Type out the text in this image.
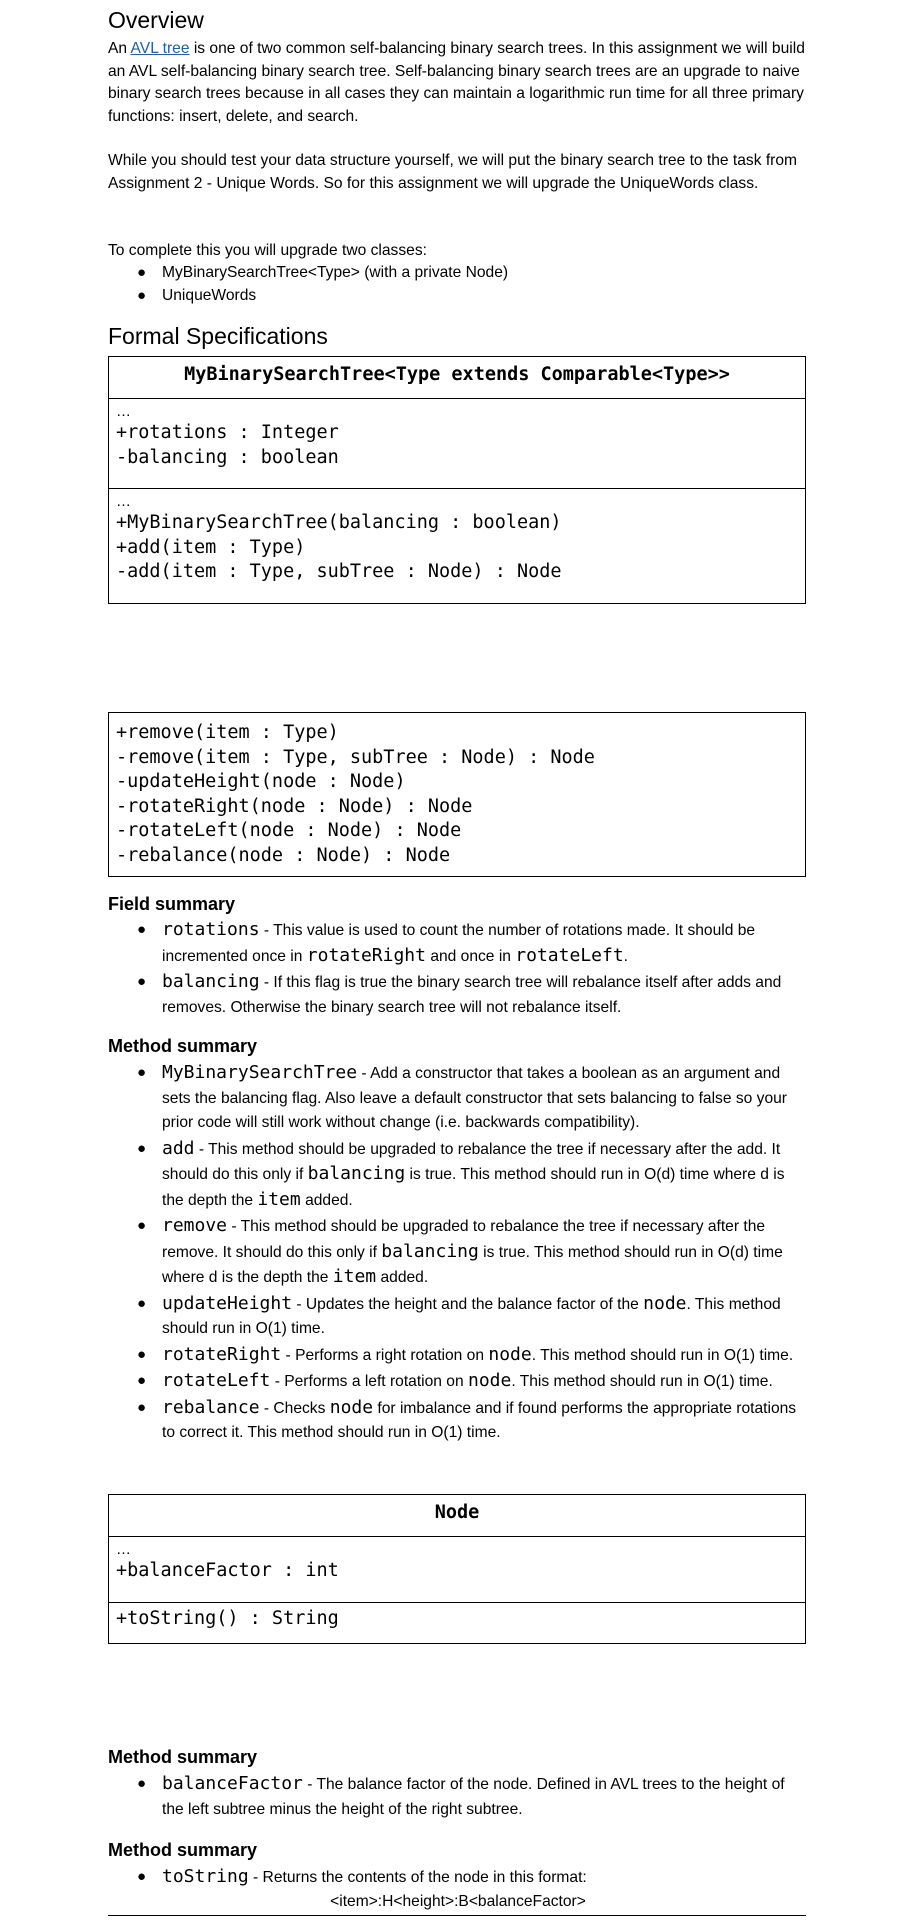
Overview

An AVL tree is one of two common self-balancing binary search trees. In this assignment we will build an AVL self-balancing binary search tree. Self-balancing binary search trees are an upgrade to naive binary search trees because in all cases they can maintain a logarithmic run time for all three primary functions: insert, delete, and search.

While you should test your data structure yourself, we will put the binary search tree to the task from Assignment 2 - Unique Words. So for this assignment we will upgrade the UniqueWords class.

To complete this you will upgrade two classes:

● MyBinarySearchTree<Type> (with a private Node)
● UniqueWords
Formal Specifications
MyBinarySearchTree<Type extends Comparable<Type>>
…
+rotations : Integer
-balancing : boolean
…
+MyBinarySearchTree(balancing : boolean)
+add(item : Type)
-add(item : Type, subTree : Node) : Node
+remove(item : Type)
-remove(item : Type, subTree : Node) : Node
-updateHeight(node : Node)
-rotateRight(node : Node) : Node
-rotateLeft(node : Node) : Node
-rebalance(node : Node) : Node
Field summary
● rotations - This value is used to count the number of rotations made. It should be incremented once in rotateRight and once in rotateLeft.
● balancing - If this flag is true the binary search tree will rebalance itself after adds and removes. Otherwise the binary search tree will not rebalance itself.
Method summary
● MyBinarySearchTree - Add a constructor that takes a boolean as an argument and sets the balancing flag. Also leave a default constructor that sets balancing to false so your prior code will still work without change (i.e. backwards compatibility).
● add - This method should be upgraded to rebalance the tree if necessary after the add. It should do this only if balancing is true. This method should run in O(d) time where d is the depth the item added.
● remove - This method should be upgraded to rebalance the tree if necessary after the remove. It should do this only if balancing is true. This method should run in O(d) time where d is the depth the item added.
● updateHeight - Updates the height and the balance factor of the node. This method should run in O(1) time.
● rotateRight - Performs a right rotation on node. This method should run in O(1) time.
● rotateLeft - Performs a left rotation on node. This method should run in O(1) time.
● rebalance - Checks node for imbalance and if found performs the appropriate rotations to correct it. This method should run in O(1) time.
Node
…
+balanceFactor : int
+toString() : String
Method summary
● balanceFactor - The balance factor of the node. Defined in AVL trees to the height of the left subtree minus the height of the right subtree.
Method summary
● toString - Returns the contents of the node in this format:
<item>:H<height>:B<balanceFactor>
